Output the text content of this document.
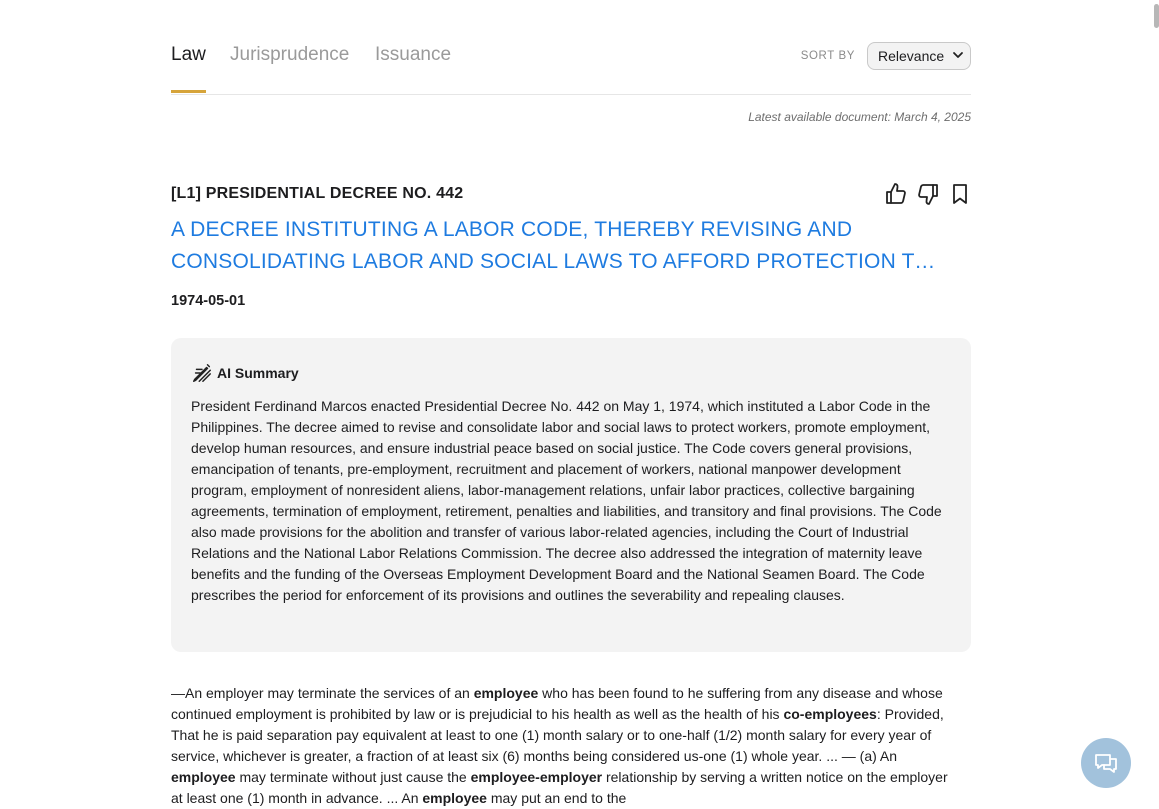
Law Jurisprudence Issuance	SORT BY Relevance
Latest available document: March 4, 2025
[L1] PRESIDENTIAL DECREE NO. 442
A DECREE INSTITUTING A LABOR CODE, THEREBY REVISING AND CONSOLIDATING LABOR AND SOCIAL LAWS TO AFFORD PROTECTION TO
1974-05-01
AI Summary
President Ferdinand Marcos enacted Presidential Decree No. 442 on May 1, 1974, which instituted a Labor Code in the Philippines. The decree aimed to revise and consolidate labor and social laws to protect workers, promote employment, develop human resources, and ensure industrial peace based on social justice. The Code covers general provisions, emancipation of tenants, pre-employment, recruitment and placement of workers, national manpower development program, employment of nonresident aliens, labor-management relations, unfair labor practices, collective bargaining agreements, termination of employment, retirement, penalties and liabilities, and transitory and final provisions. The Code also made provisions for the abolition and transfer of various labor-related agencies, including the Court of Industrial Relations and the National Labor Relations Commission. The decree also addressed the integration of maternity leave benefits and the funding of the Overseas Employment Development Board and the National Seamen Board. The Code prescribes the period for enforcement of its provisions and outlines the severability and repealing clauses.
—An employer may terminate the services of an employee who has been found to he suffering from any disease and whose continued employment is prohibited by law or is prejudicial to his health as well as the health of his co-employees: Provided, That he is paid separation pay equivalent at least to one (1) month salary or to one-half (1/2) month salary for every year of service, whichever is greater, a fraction of at least six (6) months being considered us-one (1) whole year. ... — (a) An employee may terminate without just cause the employee-employer relationship by serving a written notice on the employer at least one (1) month in advance. ... An employee may put an end to the
